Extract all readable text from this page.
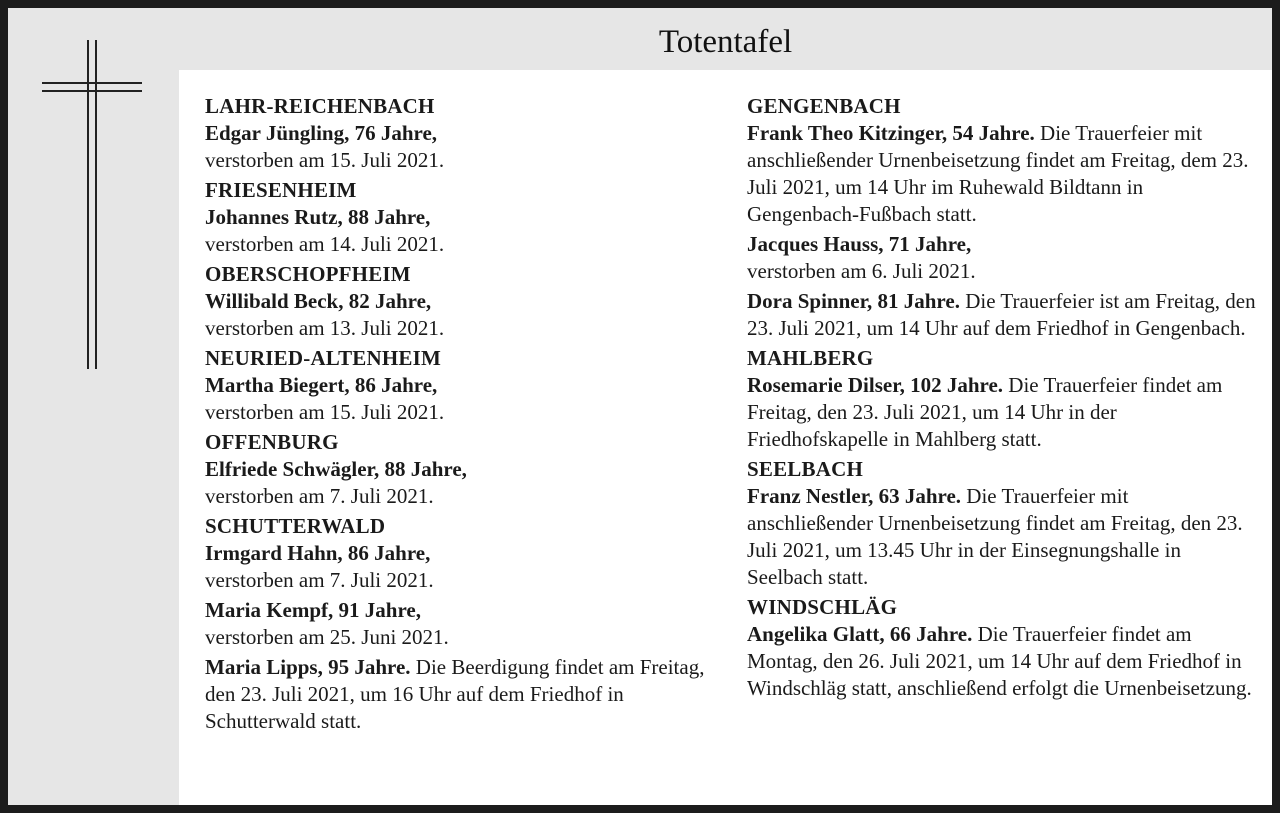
Totentafel
LAHR-REICHENBACH
Edgar Jüngling, 76 Jahre,
verstorben am 15. Juli 2021.
FRIESENHEIM
Johannes Rutz, 88 Jahre,
verstorben am 14. Juli 2021.
OBERSCHOPFHEIM
Willibald Beck, 82 Jahre,
verstorben am 13. Juli 2021.
NEURIED-ALTENHEIM
Martha Biegert, 86 Jahre,
verstorben am 15. Juli 2021.
OFFENBURG
Elfriede Schwägler, 88 Jahre,
verstorben am 7. Juli 2021.
SCHUTTERWALD
Irmgard Hahn, 86 Jahre,
verstorben am 7. Juli 2021.
Maria Kempf, 91 Jahre,
verstorben am 25. Juni 2021.
Maria Lipps, 95 Jahre. Die Beerdigung findet am Freitag, den 23. Juli 2021, um 16 Uhr auf dem Friedhof in Schutterwald statt.
GENGENBACH
Frank Theo Kitzinger, 54 Jahre. Die Trauerfeier mit anschließender Urnenbeisetzung findet am Freitag, dem 23. Juli 2021, um 14 Uhr im Ruhewald Bildtann in Gengenbach-Fußbach statt.
Jacques Hauss, 71 Jahre,
verstorben am 6. Juli 2021.
Dora Spinner, 81 Jahre. Die Trauerfeier ist am Freitag, den 23. Juli 2021, um 14 Uhr auf dem Friedhof in Gengenbach.
MAHLBERG
Rosemarie Dilser, 102 Jahre. Die Trauerfeier findet am Freitag, den 23. Juli 2021, um 14 Uhr in der Friedhofskapelle in Mahlberg statt.
SEELBACH
Franz Nestler, 63 Jahre. Die Trauerfeier mit anschließender Urnenbeisetzung findet am Freitag, den 23. Juli 2021, um 13.45 Uhr in der Einsegnungshalle in Seelbach statt.
WINDSCHLÄG
Angelika Glatt, 66 Jahre. Die Trauerfeier findet am Montag, den 26. Juli 2021, um 14 Uhr auf dem Friedhof in Windschläg statt, anschließend erfolgt die Urnenbeisetzung.
